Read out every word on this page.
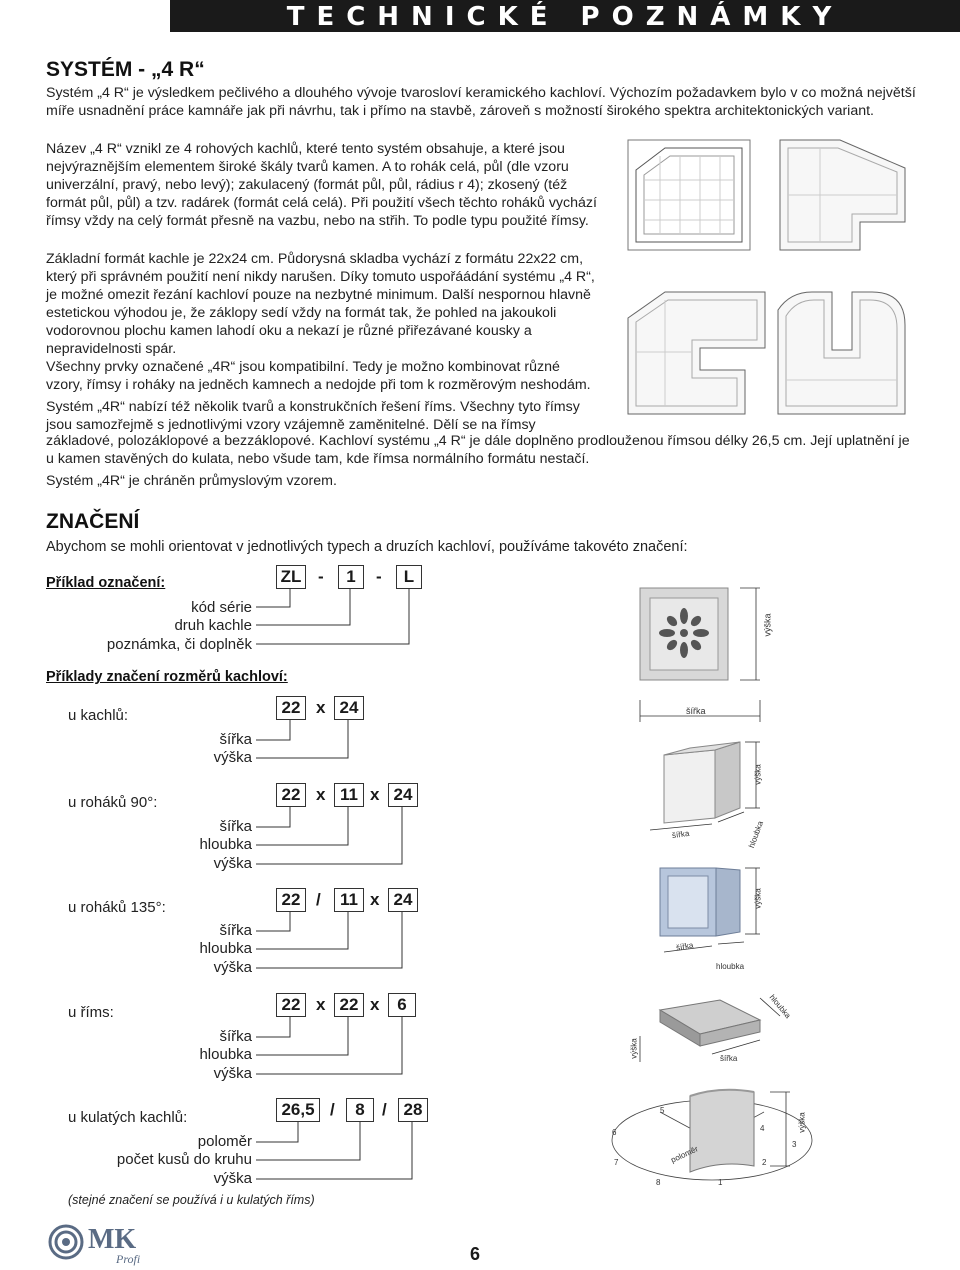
TECHNICKÉ POZNÁMKY
SYSTÉM - „4 R“
Systém „4 R“ je výsledkem pečlivého a dlouhého vývoje tvarosloví keramického kachloví. Výchozím požadavkem bylo v co možná největší míře usnadnění práce kamnáře jak při návrhu, tak i přímo na stavbě, zároveň s možností širokého spektra architektonických variant.
Název „4 R“ vznikl ze 4 rohových kachlů, které tento systém obsahuje, a které jsou nejvýraznějším elementem široké škály tvarů kamen. A to rohák celá, půl (dle vzoru univerzální, pravý, nebo levý); zakulacený (formát půl, půl, rádius r 4); zkosený (též formát půl, půl) a tzv. radárek (formát celá celá). Při použití všech těchto roháků vychází římsy vždy na celý formát přesně na vazbu, nebo na střih. To podle typu použité římsy.
Základní formát kachle je 22x24 cm. Půdorysná skladba vychází z formátu 22x22 cm, který při správném použití není nikdy narušen. Díky tomuto uspořáádání systému „4 R“, je možné omezit řezání kachloví pouze na nezbytné minimum. Další nespornou hlavně estetickou výhodou je, že záklopy sedí vždy na formát tak, že pohled na jakoukoli vodorovnou plochu kamen lahodí oku a nekazí je různé přiřezávané kousky a nepravidelnosti spár.
Všechny prvky označené „4R“ jsou kompatibilní. Tedy je možno kombinovat různé vzory, římsy i roháky na jedněch kamnech a nedojde při tom k rozměrovým neshodám.
Systém „4R“ nabízí též několik tvarů a konstrukčních řešení říms. Všechny tyto římsy jsou samozřejmě s jednotlivými vzory vzájemně zaměnitelné. Dělí se na římsy
základové, polozáklopové a bezzáklopové. Kachloví systému „4 R“ je dále doplněno prodlouženou římsou délky 26,5 cm. Její uplatnění je u kamen stavěných do kulata, nebo všude tam, kde římsa normálního formátu nestačí.
Systém „4R“ je chráněn průmyslovým vzorem.
ZNAČENÍ
Abychom se mohli orientovat v jednotlivých typech a druzích kachloví, používáme takovéto značení:
Příklad označení:	ZL -	1	-	L
kód série
druh kachle
poznámka, či doplněk
Příklady značení rozměrů kachloví:
u kachlů:	22 x 24
šířka
výška
u roháků 90°:	22 x 11 x 24
šířka
hloubka
výška
u roháků 135°:	22 /	11 x 24
šířka
hloubka
výška
u říms:	22 x 22 x	6
šířka
hloubka
výška
u kulatých kachlů:	26,5 /	8	/ 28
poloměr
počet kusů do kruhu
výška
(stejné značení se používá i u kulatých říms)
výška
šířka
výška
šířka	hloubka
výška
šířka
hloubka
hloubka
šířka
výška
výška
poloměr
1
2
3
4
5
6
7
8
MK
Profi	6
